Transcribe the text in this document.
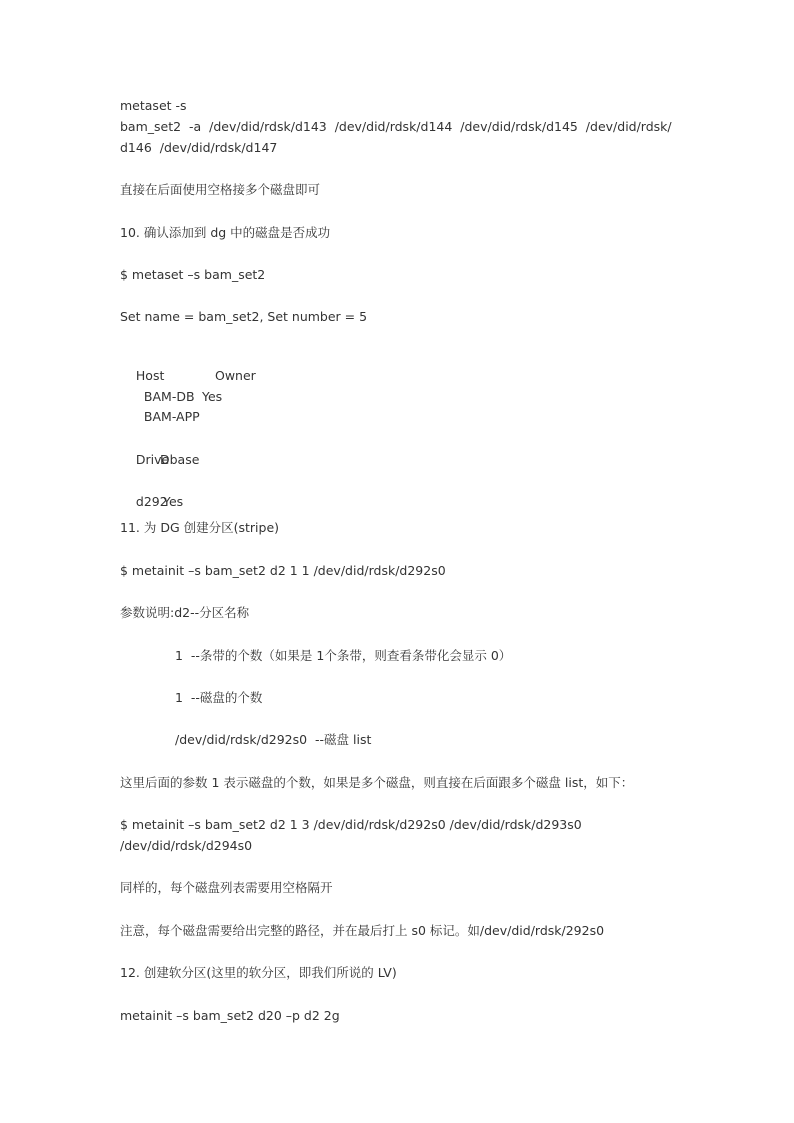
metaset -s
bam_set2  -a  /dev/did/rdsk/d143  /dev/did/rdsk/d144  /dev/did/rdsk/d145  /dev/did/rdsk/
d146  /dev/did/rdsk/d147
直接在后面使用空格接多个磁盘即可
10. 确认添加到 dg 中的磁盘是否成功
$ metaset –s bam_set2
Set name = bam_set2, Set number = 5

Host	Owner

BAM-DB Yes

BAM-APP

Drive
Dbase

d292
Yes

11. 为 DG 创建分区(stripe)
$ metainit –s bam_set2 d2 1 1 /dev/did/rdsk/d292s0
参数说明:d2--分区名称
1  --条带的个数（如果是 1个条带，则查看条带化会显示 0）
1  --磁盘的个数
/dev/did/rdsk/d292s0  --磁盘 list
这里后面的参数 1 表示磁盘的个数，如果是多个磁盘，则直接在后面跟多个磁盘 list，如下：
$ metainit –s bam_set2 d2 1 3 /dev/did/rdsk/d292s0 /dev/did/rdsk/d293s0
/dev/did/rdsk/d294s0
同样的，每个磁盘列表需要用空格隔开
注意，每个磁盘需要给出完整的路径，并在最后打上 s0 标记。如/dev/did/rdsk/292s0
12. 创建软分区(这里的软分区，即我们所说的 LV)
metainit –s bam_set2 d20 –p d2 2g
